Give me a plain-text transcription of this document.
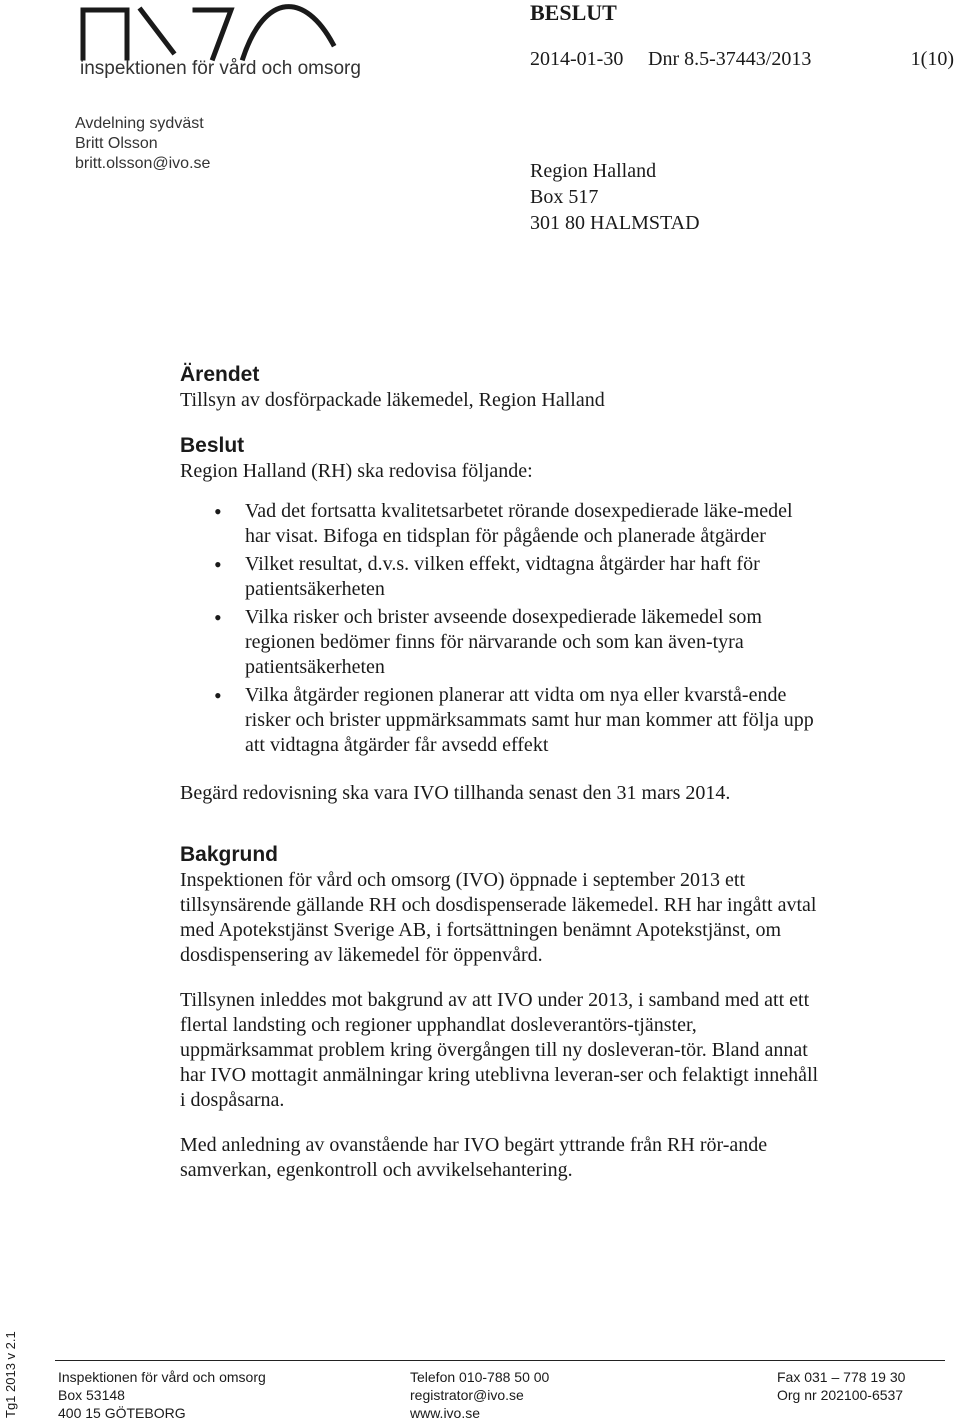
inspektionen för vård och omsorg
BESLUT
2014-01-30 Dnr 8.5-37443/2013	1(10)
Avdelning sydväst
Britt Olsson
britt.olsson@ivo.se	Region Halland
Box 517
301 80 HALMSTAD
Ärendet

Tillsyn av dosförpackade läkemedel, Region Halland

Beslut

Region Halland (RH) ska redovisa följande:

• Vad det fortsatta kvalitetsarbetet rörande dosexpedierade läke-medel har visat. Bifoga en tidsplan för pågående och planerade åtgärder
• Vilket resultat, d.v.s. vilken effekt, vidtagna åtgärder har haft för patientsäkerheten
• Vilka risker och brister avseende dosexpedierade läkemedel som regionen bedömer finns för närvarande och som kan även-tyra patientsäkerheten
• Vilka åtgärder regionen planerar att vidta om nya eller kvarstå-ende risker och brister uppmärksammats samt hur man kommer att följa upp att vidtagna åtgärder får avsedd effekt

Begärd redovisning ska vara IVO tillhanda senast den 31 mars 2014.

Bakgrund

Inspektionen för vård och omsorg (IVO) öppnade i september 2013 ett tillsynsärende gällande RH och dosdispenserade läkemedel. RH har ingått avtal med Apotekstjänst Sverige AB, i fortsättningen benämnt Apotekstjänst, om dosdispensering av läkemedel för öppenvård.

Tillsynen inleddes mot bakgrund av att IVO under 2013, i samband med att ett flertal landsting och regioner upphandlat dosleverantörs-tjänster, uppmärksammat problem kring övergången till ny dosleveran-tör. Bland annat har IVO mottagit anmälningar kring uteblivna leveran-ser och felaktigt innehåll i dospåsarna.

Med anledning av ovanstående har IVO begärt yttrande från RH rör-ande samverkan, egenkontroll och avvikelsehantering.

Tg1 2013 v 2.1	Inspektionen för vård och omsorg
Box 53148
400 15 GÖTEBORG
Telefon 010-788 50 00
registrator@ivo.se
www.ivo.se
Fax 031 – 778 19 30
Org nr 202100-6537
